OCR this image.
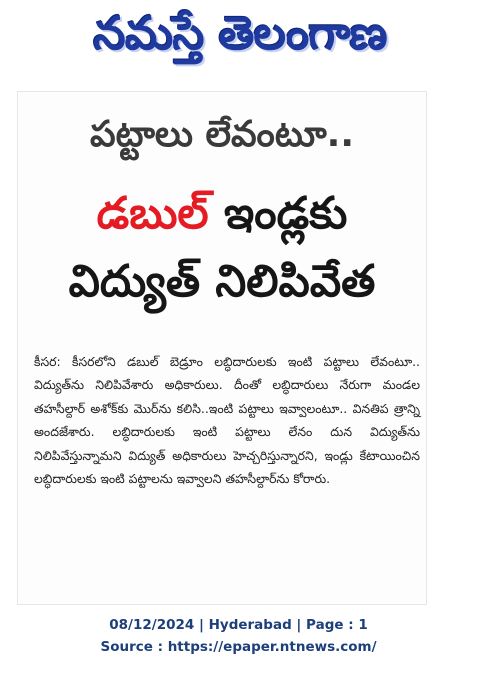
నమస్తే తెలంగాణ
పట్టాలు లేవంటూ..
డబుల్ ఇండ్లకు
విద్యుత్‌ నిలిపివేత

కీసర: కీసరలోని డబుల్ బెడ్రూం లబ్ధిదారులకు ఇంటి పట్టాలు లేవంటూ.. విద్యుత్‌ను నిలిపివేశారు అధికారులు. దీంతో లబ్ధిదారులు నేరుగా మండల తహసీల్దార్ అశోక్‌కు మొర్‌ను కలిసి..ఇంటి పట్టాలు ఇవ్వాలంటూ.. వినతిప త్రాన్ని అందజేశారు. లబ్ధిదారులకు ఇంటి పట్టాలు లేనం దున విద్యుత్‌ను నిలిపివేస్తున్నామని విద్యుత్ అధికారులు హెచ్చరిస్తున్నారని, ఇండ్లు కేటాయించిన లబ్ధిదారులకు ఇంటి పట్టాలను ఇవ్వాలని తహసీల్దార్‌ను కోరారు.

08/12/2024 | Hyderabad | Page : 1
Source : https://epaper.ntnews.com/
